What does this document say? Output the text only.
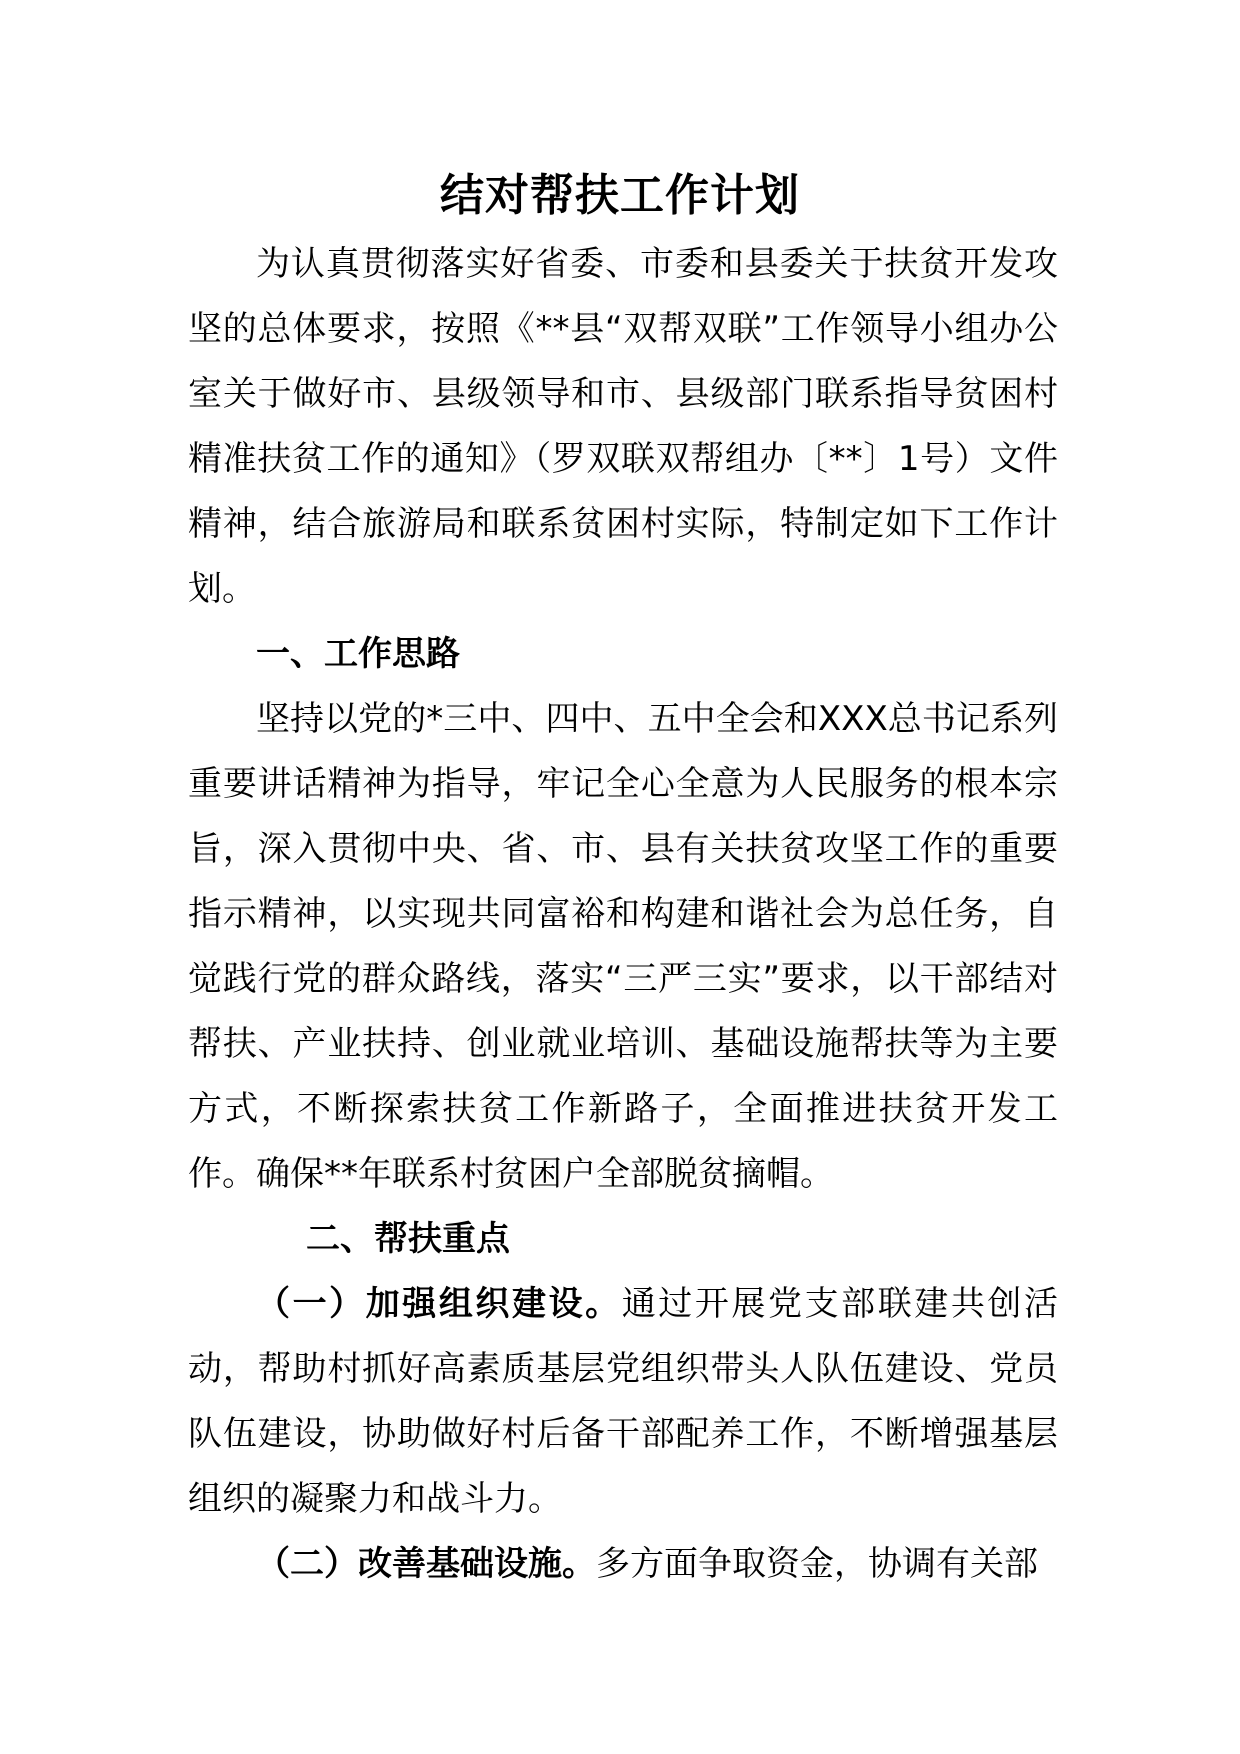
结对帮扶工作计划

为认真贯彻落实好省委、市委和县委关于扶贫开发攻坚的总体要求，按照《**县“双帮双联”工作领导小组办公室关于做好市、县级领导和市、县级部门联系指导贫困村精准扶贫工作的通知》（罗双联双帮组办〔**〕1号）文件精神，结合旅游局和联系贫困村实际，特制定如下工作计划。

一、工作思路

坚持以党的*三中、四中、五中全会和XXX总书记系列重要讲话精神为指导，牢记全心全意为人民服务的根本宗旨，深入贯彻中央、省、市、县有关扶贫攻坚工作的重要指示精神，以实现共同富裕和构建和谐社会为总任务，自觉践行党的群众路线，落实“三严三实”要求，以干部结对帮扶、产业扶持、创业就业培训、基础设施帮扶等为主要方式，不断探索扶贫工作新路子，全面推进扶贫开发工作。确保**年联系村贫困户全部脱贫摘帽。

二、帮扶重点

（一）加强组织建设。通过开展党支部联建共创活动，帮助村抓好高素质基层党组织带头人队伍建设、党员队伍建设，协助做好村后备干部配养工作，不断增强基层组织的凝聚力和战斗力。

（二）改善基础设施。多方面争取资金，协调有关部
